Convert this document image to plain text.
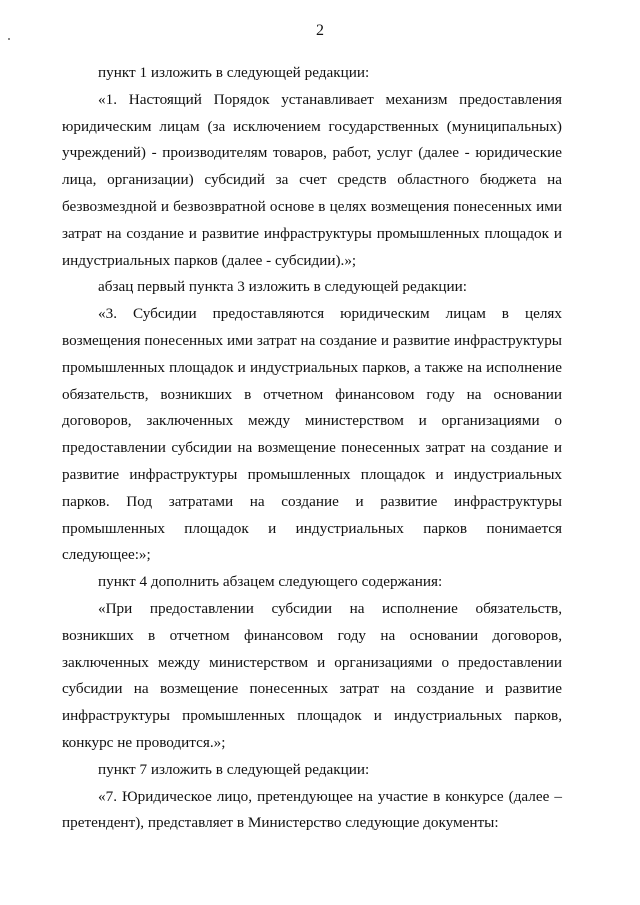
2

пункт 1 изложить в следующей редакции:

«1. Настоящий Порядок устанавливает механизм предоставления юридическим лицам (за исключением государственных (муниципальных) учреждений) - производителям товаров, работ, услуг (далее - юридические лица, организации) субсидий за счет средств областного бюджета на безвозмездной и безвозвратной основе в целях возмещения понесенных ими затрат на создание и развитие инфраструктуры промышленных площадок и индустриальных парков (далее - субсидии).»;

абзац первый пункта 3 изложить в следующей редакции:

«3. Субсидии предоставляются юридическим лицам в целях возмещения понесенных ими затрат на создание и развитие инфраструктуры промышленных площадок и индустриальных парков, а также на исполнение обязательств, возникших в отчетном финансовом году на основании договоров, заключенных между министерством и организациями о предоставлении субсидии на возмещение понесенных затрат на создание и развитие инфраструктуры промышленных площадок и индустриальных парков. Под затратами на создание и развитие инфраструктуры промышленных площадок и индустриальных парков понимается следующее:»;

пункт 4 дополнить абзацем следующего содержания:

«При предоставлении субсидии на исполнение обязательств, возникших в отчетном финансовом году на основании договоров, заключенных между министерством и организациями о предоставлении субсидии на возмещение понесенных затрат на создание и развитие инфраструктуры промышленных площадок и индустриальных парков, конкурс не проводится.»;

пункт 7 изложить в следующей редакции:

«7. Юридическое лицо, претендующее на участие в конкурсе (далее – претендент), представляет в Министерство следующие документы:
